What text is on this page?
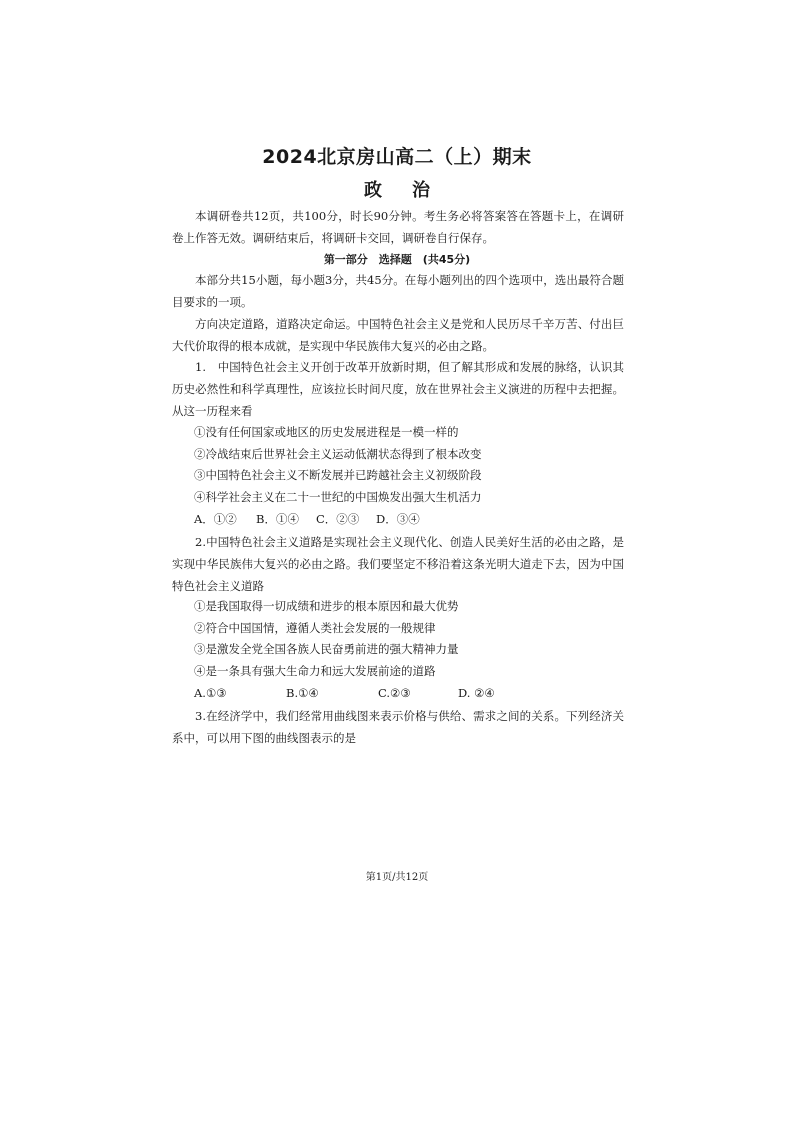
2024北京房山高二（上）期末
政治

本调研卷共12页，共100分，时长90分钟。考生务必将答案答在答题卡上，在调研卷上作答无效。调研结束后，将调研卡交回，调研卷自行保存。

第一部分　选择题　(共45分)

本部分共15小题，每小题3分，共45分。在每小题列出的四个选项中，选出最符合题目要求的一项。

方向决定道路，道路决定命运。中国特色社会主义是党和人民历尽千辛万苦、付出巨大代价取得的根本成就，是实现中华民族伟大复兴的必由之路。

1.　中国特色社会主义开创于改革开放新时期，但了解其形成和发展的脉络，认识其历史必然性和科学真理性，应该拉长时间尺度，放在世界社会主义演进的历程中去把握。从这一历程来看

①没有任何国家或地区的历史发展进程是一模一样的
②冷战结束后世界社会主义运动低潮状态得到了根本改变
③中国特色社会主义不断发展并已跨越社会主义初级阶段
④科学社会主义在二十一世纪的中国焕发出强大生机活力
A．①② B．①④ C．②③ D．③④

2.中国特色社会主义道路是实现社会主义现代化、创造人民美好生活的必由之路，是实现中华民族伟大复兴的必由之路。我们要坚定不移沿着这条光明大道走下去，因为中国特色社会主义道路

①是我国取得一切成绩和进步的根本原因和最大优势
②符合中国国情，遵循人类社会发展的一般规律
③是激发全党全国各族人民奋勇前进的强大精神力量
④是一条具有强大生命力和远大发展前途的道路
A.①③	B.①④	C.②③	D. ②④

3.在经济学中，我们经常用曲线图来表示价格与供给、需求之间的关系。下列经济关系中，可以用下图的曲线图表示的是

第1页/共12页
